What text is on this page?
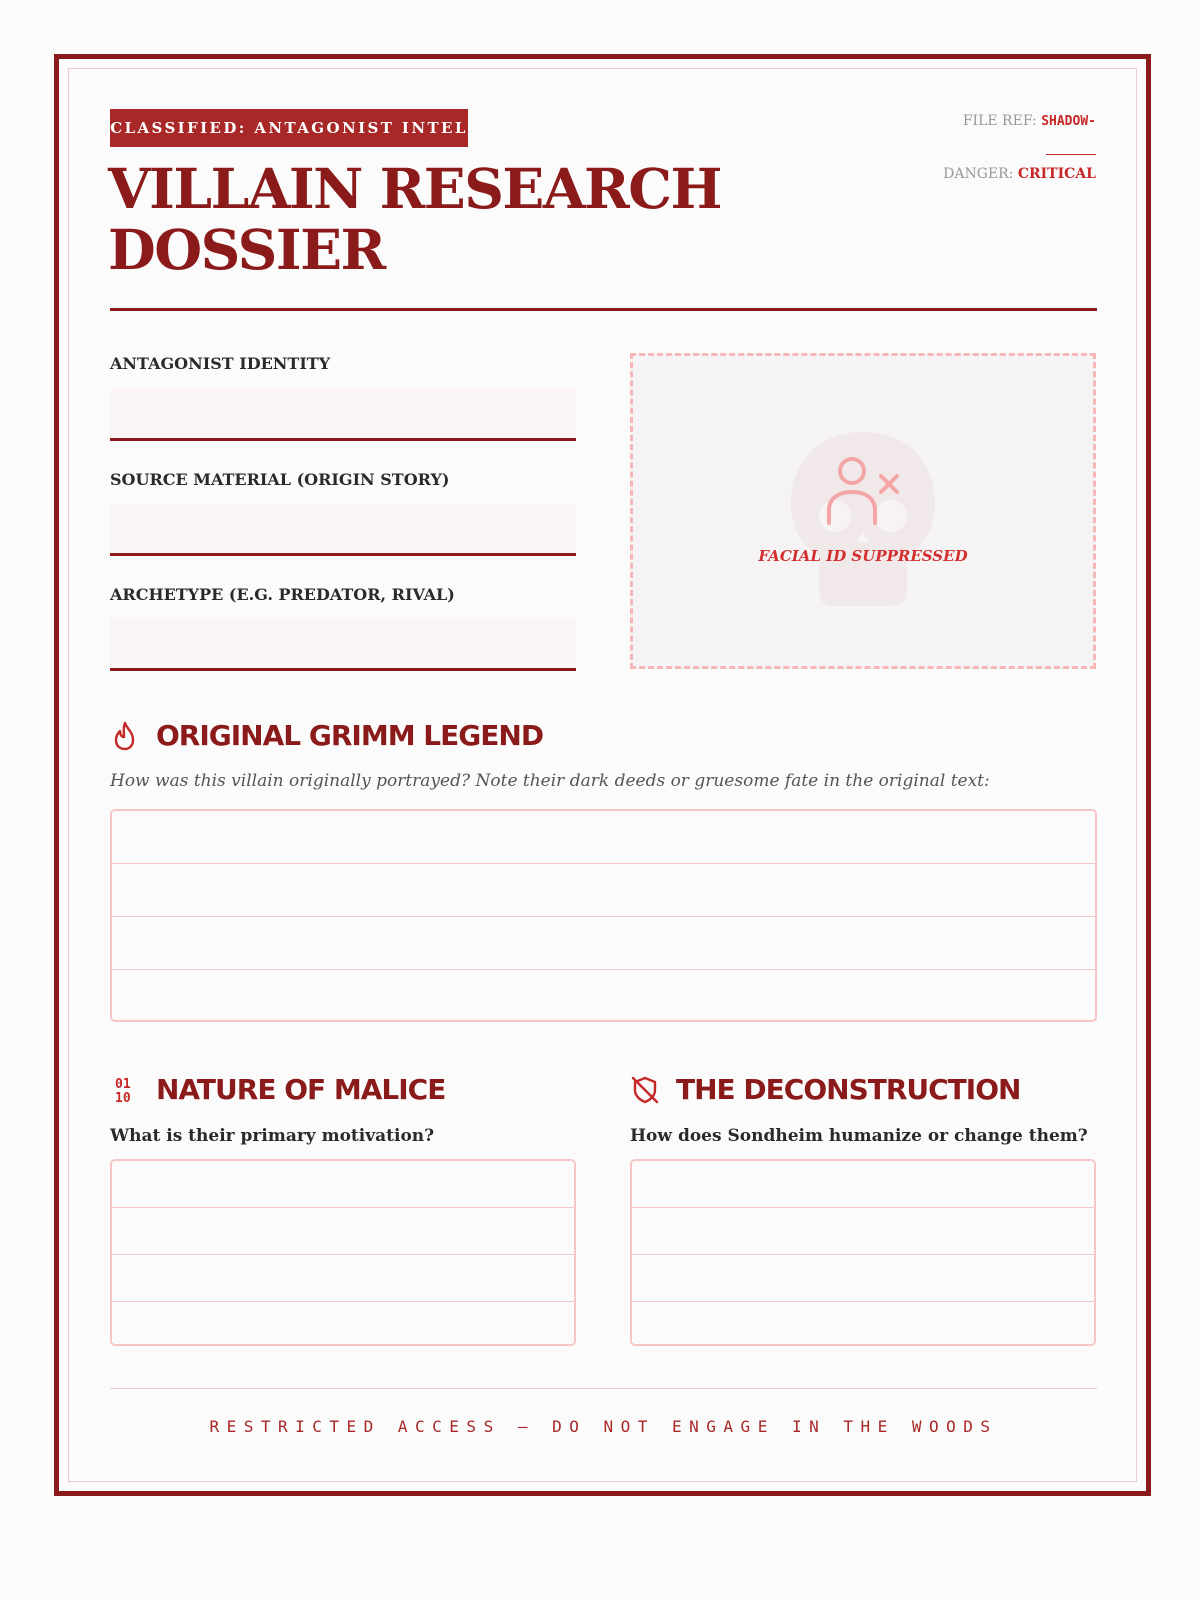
CLASSIFIED: ANTAGONIST INTEL
VILLAIN RESEARCH
DOSSIER
FILE REF: SHADOW-
DANGER: CRITICAL
ANTAGONIST IDENTITY
SOURCE MATERIAL (ORIGIN STORY)
ARCHETYPE (E.G. PREDATOR, RIVAL)
FACIAL ID SUPPRESSED
ORIGINAL GRIMM LEGEND
How was this villain originally portrayed? Note their dark deeds or gruesome fate in the original text:
01
10 NATURE OF MALICE
What is their primary motivation?
THE DECONSTRUCTION
How does Sondheim humanize or change them?
RESTRICTED ACCESS — DO NOT ENGAGE IN THE WOODS
